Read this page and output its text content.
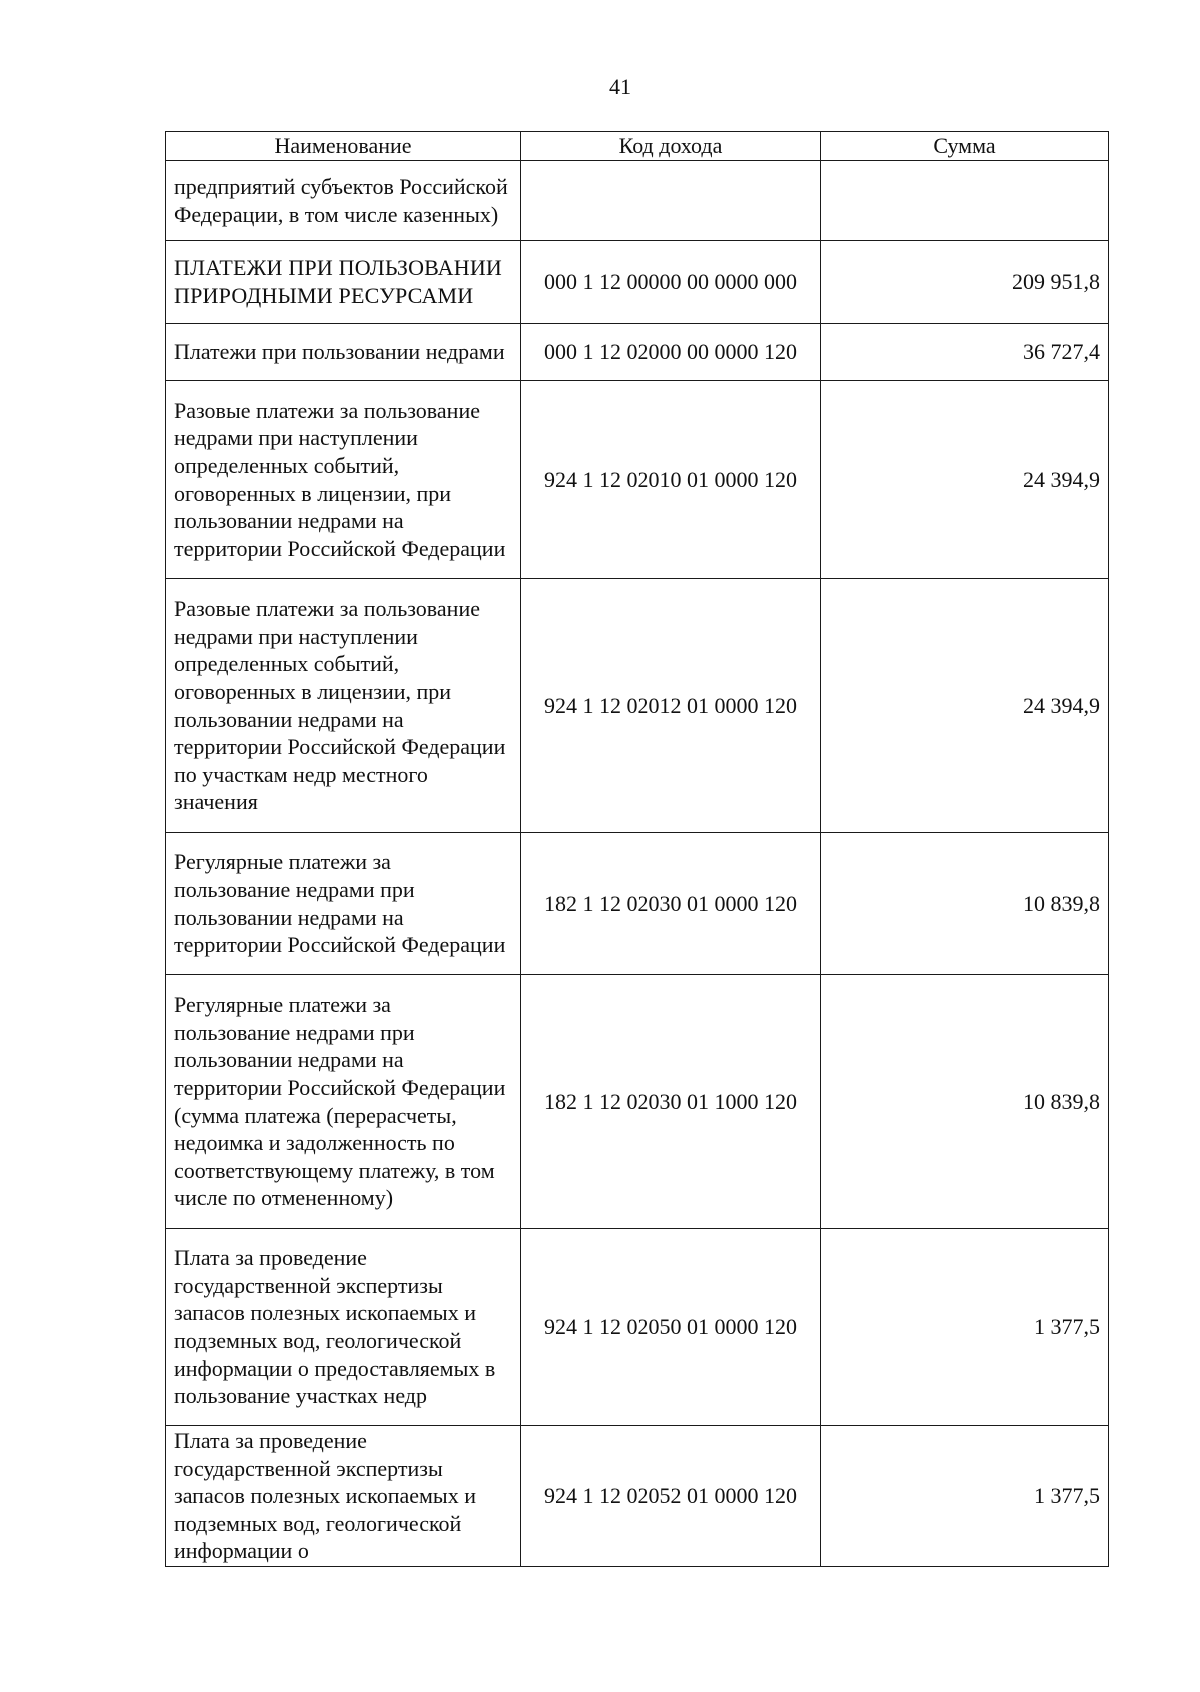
41
Наименование	Код дохода	Сумма
предприятий субъектов Российской Федерации, в том числе казенных)		
ПЛАТЕЖИ ПРИ ПОЛЬЗОВАНИИ ПРИРОДНЫМИ РЕСУРСАМИ	000 1 12 00000 00 0000 000	209 951,8
Платежи при пользовании недрами	000 1 12 02000 00 0000 120	36 727,4
Разовые платежи за пользование недрами при наступлении определенных событий, оговоренных в лицензии, при пользовании недрами на территории Российской Федерации	924 1 12 02010 01 0000 120	24 394,9
Разовые платежи за пользование недрами при наступлении определенных событий, оговоренных в лицензии, при пользовании недрами на территории Российской Федерации по участкам недр местного значения	924 1 12 02012 01 0000 120	24 394,9
Регулярные платежи за пользование недрами при пользовании недрами на территории Российской Федерации	182 1 12 02030 01 0000 120	10 839,8
Регулярные платежи за пользование недрами при пользовании недрами на территории Российской Федерации (сумма платежа (перерасчеты, недоимка и задолженность по соответствующему платежу, в том числе по отмененному)	182 1 12 02030 01 1000 120	10 839,8
Плата за проведение государственной экспертизы запасов полезных ископаемых и подземных вод, геологической информации о предоставляемых в пользование участках недр	924 1 12 02050 01 0000 120	1 377,5
Плата за проведение государственной экспертизы запасов полезных ископаемых и подземных вод, геологической информации о	924 1 12 02052 01 0000 120	1 377,5
